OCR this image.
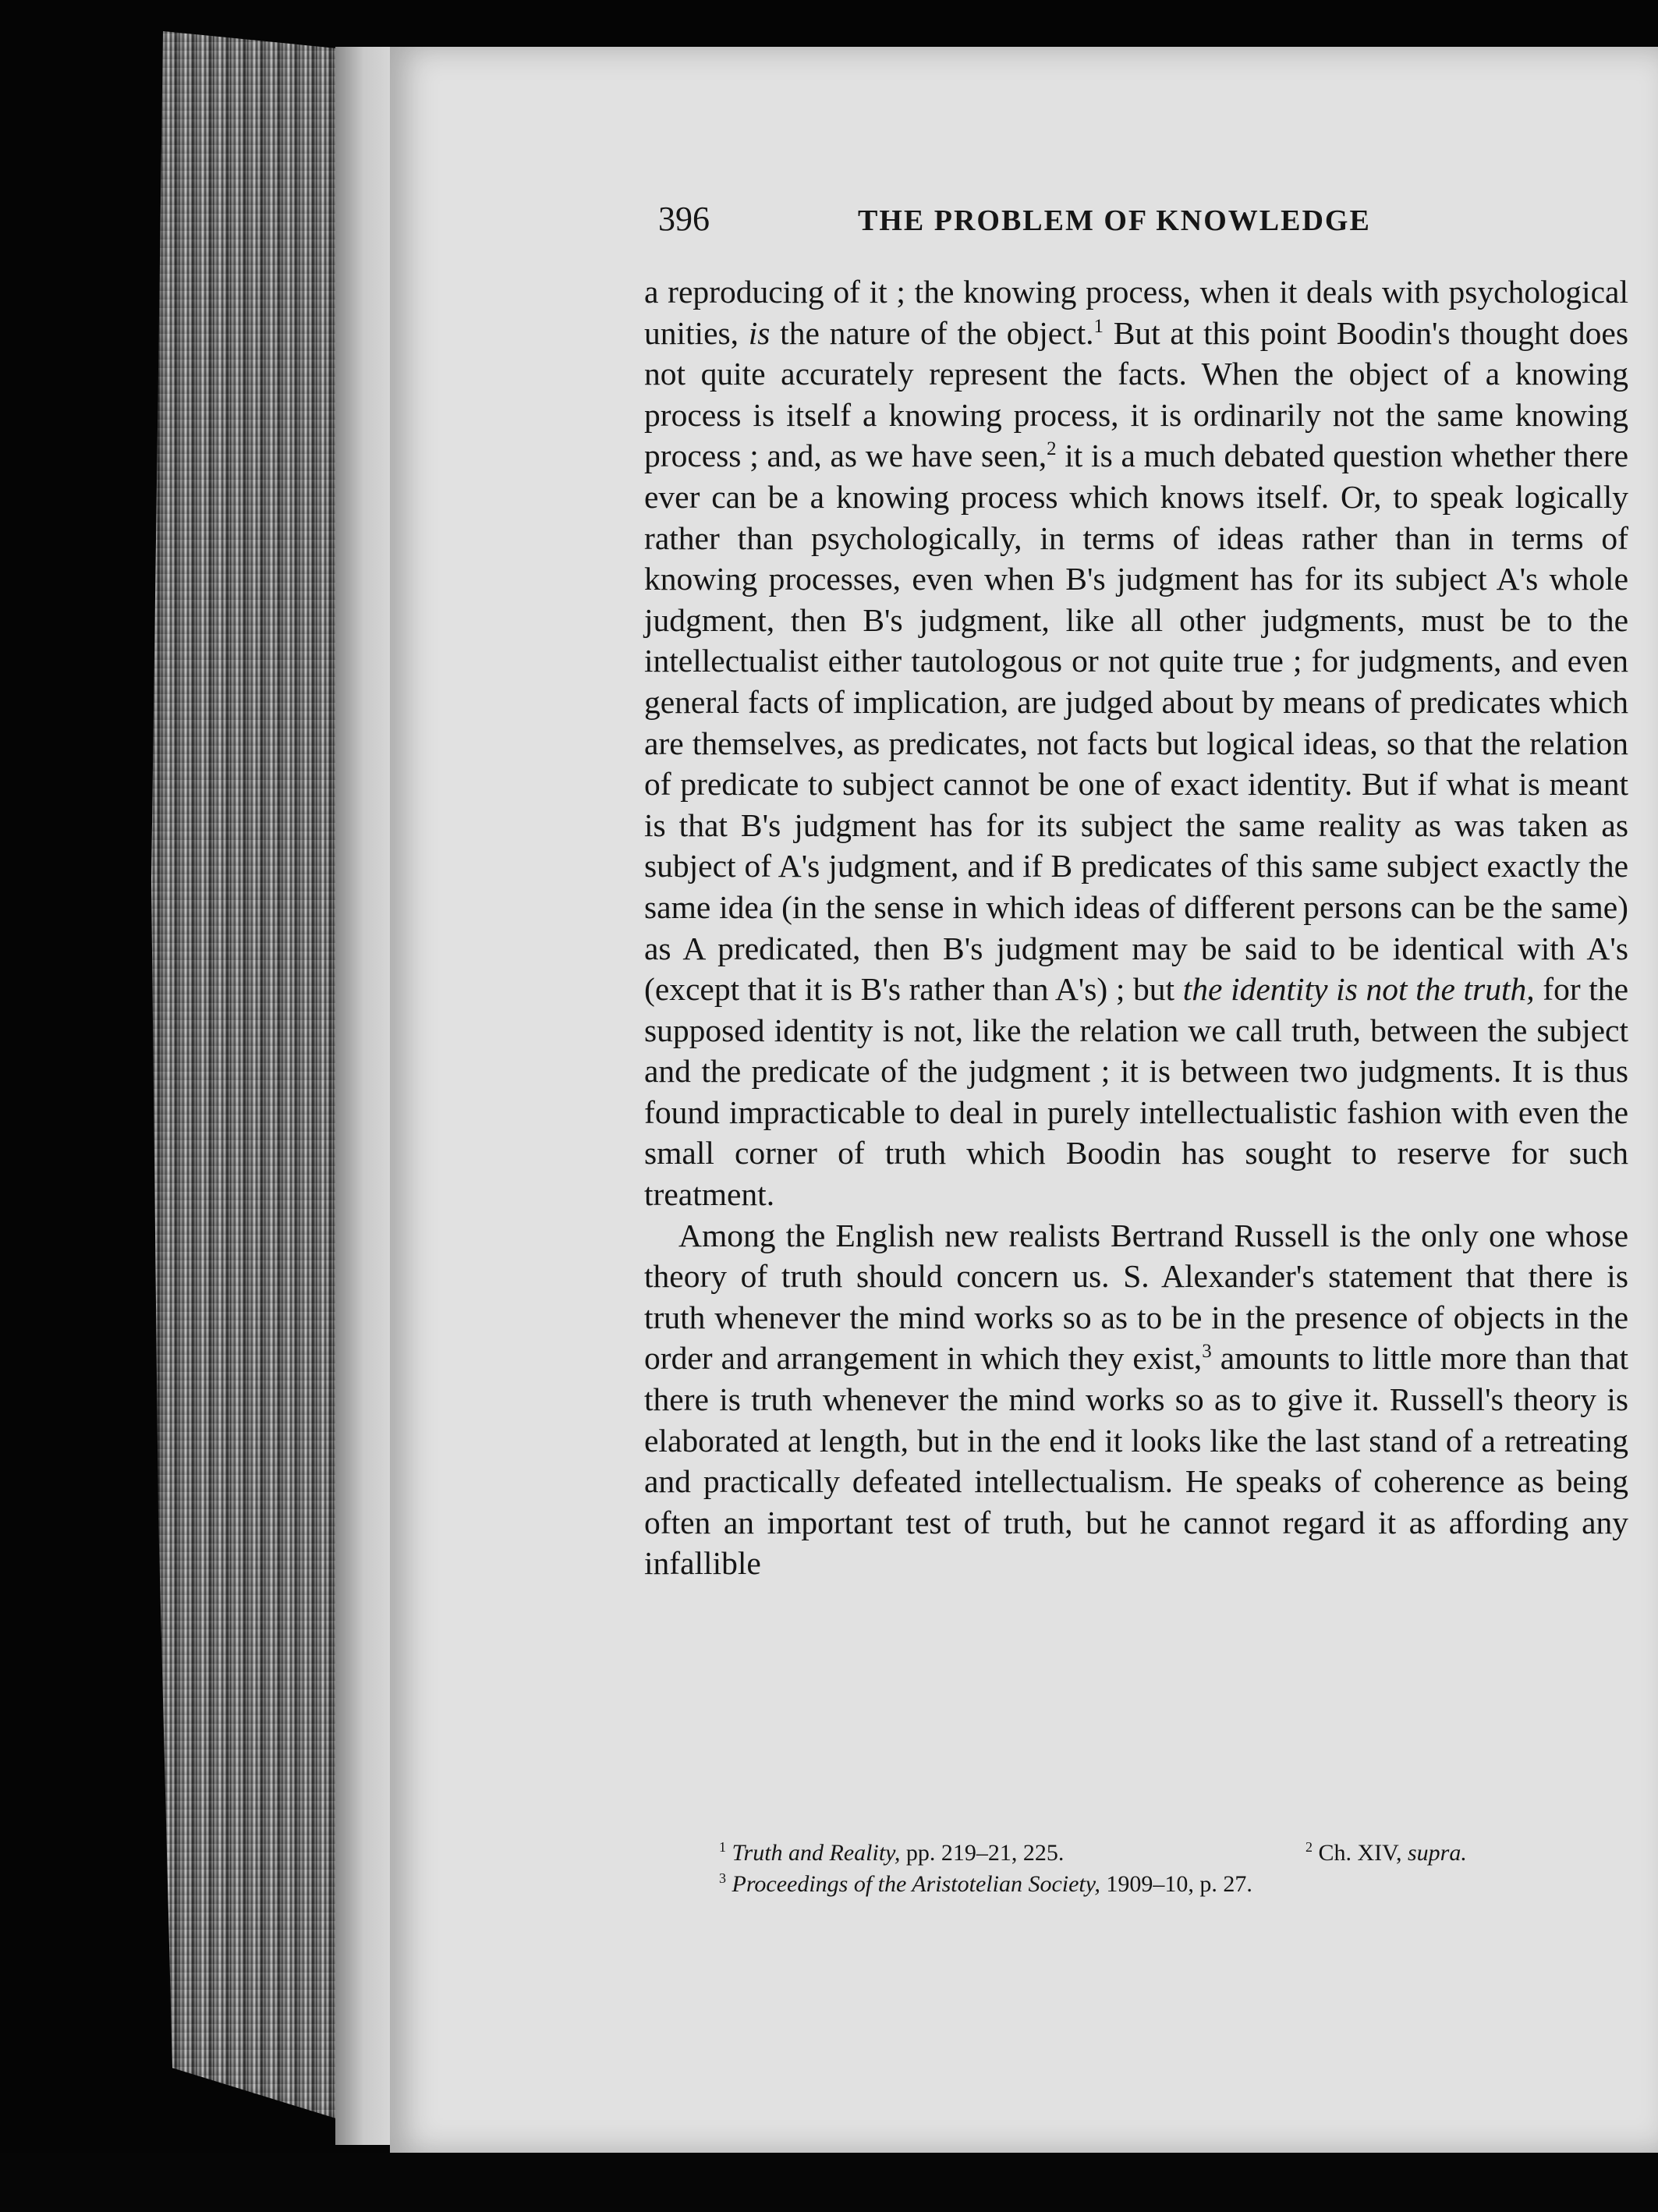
396	THE PROBLEM OF KNOWLEDGE

a reproducing of it ; the knowing process, when it deals with psychological unities, is the nature of the object.$^1$ But at this point Boodin's thought does not quite accurately represent the facts. When the object of a knowing process is itself a knowing process, it is ordinarily not the same knowing process ; and, as we have seen,$^2$ it is a much debated question whether there ever can be a knowing process which knows itself. Or, to speak logically rather than psychologically, in terms of ideas rather than in terms of knowing processes, even when B's judgment has for its subject A's whole judgment, then B's judgment, like all other judgments, must be to the intellectualist either tautologous or not quite true ; for judgments, and even general facts of implication, are judged about by means of predicates which are themselves, as predicates, not facts but logical ideas, so that the relation of predicate to subject cannot be one of exact identity. But if what is meant is that B's judgment has for its subject the same reality as was taken as subject of A's judgment, and if B predicates of this same subject exactly the same idea (in the sense in which ideas of different persons can be the same) as A predicated, then B's judgment may be said to be identical with A's (except that it is B's rather than A's) ; but the identity is not the truth, for the supposed identity is not, like the relation we call truth, between the subject and the predicate of the judgment ; it is between two judgments. It is thus found impracticable to deal in purely intellectualistic fashion with even the small corner of truth which Boodin has sought to reserve for such treatment.

Among the English new realists Bertrand Russell is the only one whose theory of truth should concern us. S. Alexander's statement that there is truth whenever the mind works so as to be in the presence of objects in the order and arrangement in which they exist,$^3$ amounts to little more than that there is truth whenever the mind works so as to give it. Russell's theory is elaborated at length, but in the end it looks like the last stand of a retreating and practically defeated intellectualism. He speaks of coherence as being often an important test of truth, but he cannot regard it as affording any infallible

$^1$ Truth and Reality, pp. 219–21, 225.	$^2$ Ch. XIV, supra.
$^3$ Proceedings of the Aristotelian Society, 1909–10, p. 27.
